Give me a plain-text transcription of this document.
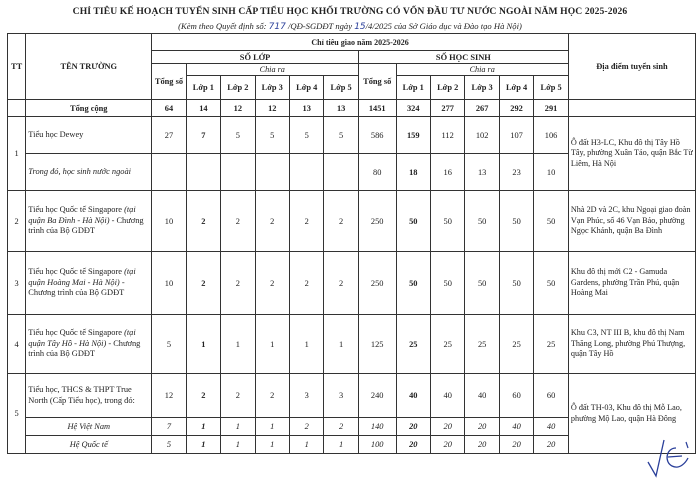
CHỈ TIÊU KẾ HOẠCH TUYỂN SINH CẤP TIỂU HỌC KHỐI TRƯỜNG CÓ VỐN ĐẦU TƯ NƯỚC NGOÀI NĂM HỌC 2025-2026
(Kèm theo Quyết định số: 717 /QĐ-SGDĐT ngày 15/4/2025 của Sở Giáo dục và Đào tạo Hà Nội)
TT	TÊN TRƯỜNG	Chỉ tiêu giao năm 2025-2026												Địa điểm tuyển sinh
		SỐ LỚP						SỐ HỌC SINH						
		Tổng số	Chia ra					Tổng số	Chia ra					
			Lớp 1	Lớp 2	Lớp 3	Lớp 4	Lớp 5		Lớp 1	Lớp 2	Lớp 3	Lớp 4	Lớp 5	
	Tổng cộng	64	14	12	12	13	13	1451	324	277	267	292	291	
1	Tiểu học Dewey	27	7	5	5	5	5	586	159	112	102	107	106	Ô đất H3-LC, Khu đô thị Tây Hồ Tây, phường Xuân Tảo, quận Bắc Từ Liêm, Hà Nội
	Trong đó, học sinh nước ngoài							80	18	16	13	23	10	
2	Tiểu học Quốc tế Singapore (tại quận Ba Đình - Hà Nội) - Chương trình của Bộ GDĐT	10	2	2	2	2	2	250	50	50	50	50	50	Nhà 2D và 2C, khu Ngoại giao đoàn Vạn Phúc, số 46 Vạn Bảo, phường Ngọc Khánh, quận Ba Đình
3	Tiểu học Quốc tế Singapore (tại quận Hoàng Mai - Hà Nội) - Chương trình của Bộ GDĐT	10	2	2	2	2	2	250	50	50	50	50	50	Khu đô thị mới C2 - Gamuda Gardens, phường Trần Phú, quận Hoàng Mai
4	Tiểu học Quốc tế Singapore (tại quận Tây Hồ - Hà Nội) - Chương trình của Bộ GDĐT	5	1	1	1	1	1	125	25	25	25	25	25	Khu C3, NT III B, khu đô thị Nam Thăng Long, phường Phú Thượng, quận Tây Hồ
5	Tiểu học, THCS & THPT True North (Cấp Tiểu học), trong đó:	12	2	2	2	3	3	240	40	40	40	60	60	Ô đất TH-03, Khu đô thị Mỗ Lao, phường Mộ Lao, quận Hà Đông
	Hệ Việt Nam	7	1	1	1	2	2	140	20	20	20	40	40	
	Hệ Quốc tế	5	1	1	1	1	1	100	20	20	20	20	20	
